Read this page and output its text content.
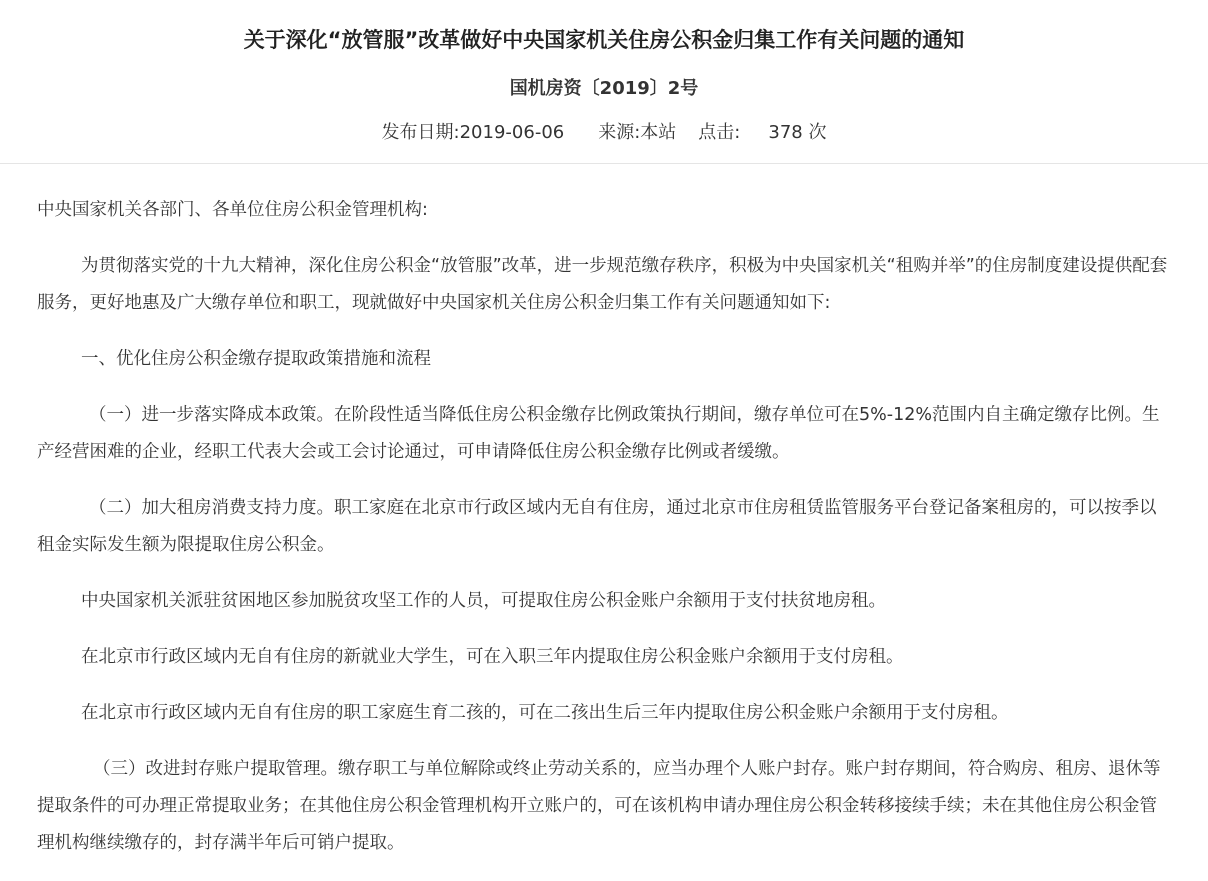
关于深化“放管服”改革做好中央国家机关住房公积金归集工作有关问题的通知
国机房资〔2019〕2号
发布日期:2019-06-06 来源:本站 点击: 378 次

中央国家机关各部门、各单位住房公积金管理机构:

为贯彻落实党的十九大精神，深化住房公积金“放管服”改革，进一步规范缴存秩序，积极为中央国家机关“租购并举”的住房制度建设提供配套服务，更好地惠及广大缴存单位和职工，现就做好中央国家机关住房公积金归集工作有关问题通知如下:

一、优化住房公积金缴存提取政策措施和流程

（一）进一步落实降成本政策。在阶段性适当降低住房公积金缴存比例政策执行期间，缴存单位可在5%-12%范围内自主确定缴存比例。生产经营困难的企业，经职工代表大会或工会讨论通过，可申请降低住房公积金缴存比例或者缓缴。

（二）加大租房消费支持力度。职工家庭在北京市行政区域内无自有住房，通过北京市住房租赁监管服务平台登记备案租房的，可以按季以租金实际发生额为限提取住房公积金。

中央国家机关派驻贫困地区参加脱贫攻坚工作的人员，可提取住房公积金账户余额用于支付扶贫地房租。

在北京市行政区域内无自有住房的新就业大学生，可在入职三年内提取住房公积金账户余额用于支付房租。

在北京市行政区域内无自有住房的职工家庭生育二孩的，可在二孩出生后三年内提取住房公积金账户余额用于支付房租。

（三）改进封存账户提取管理。缴存职工与单位解除或终止劳动关系的，应当办理个人账户封存。账户封存期间，符合购房、租房、退休等提取条件的可办理正常提取业务；在其他住房公积金管理机构开立账户的，可在该机构申请办理住房公积金转移接续手续；未在其他住房公积金管理机构继续缴存的，封存满半年后可销户提取。
